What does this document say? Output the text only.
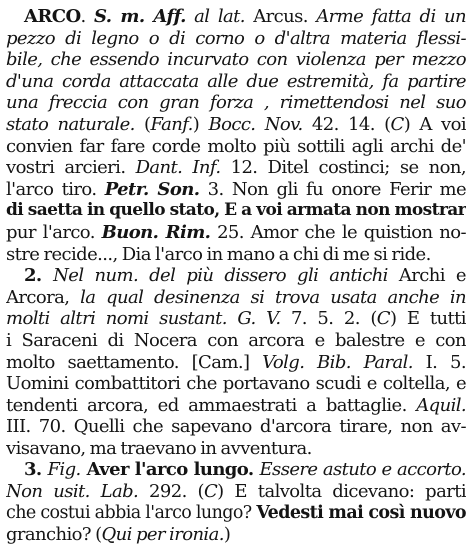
ARCO. S. m. Aff. al lat. Arcus. Arme fatta di un
pezzo di legno o di corno o d'altra materia flessi-
bile, che essendo incurvato con violenza per mezzo
d'una corda attaccata alle due estremità, fa partire
una freccia con gran forza , rimettendosi nel suo
stato naturale. (Fanf.) Bocc. Nov. 42. 14. (C) A voi
convien far fare corde molto più sottili agli archi de'
vostri arcieri. Dant. Inf. 12. Ditel costinci; se non,
l'arco tiro. Petr. Son. 3. Non gli fu onore Ferir me
di saetta in quello stato, E a voi armata non mostrar
pur l'arco. Buon. Rim. 25. Amor che le quistion no-
stre recide..., Dia l'arco in mano a chi di me si ride.
2. Nel num. del più dissero gli antichi Archi e
Arcora, la qual desinenza si trova usata anche in
molti altri nomi sustant. G. V. 7. 5. 2. (C) E tutti
i Saraceni di Nocera con arcora e balestre e con
molto saettamento. [Cam.] Volg. Bib. Paral. I. 5.
Uomini combattitori che portavano scudi e coltella, e
tendenti arcora, ed ammaestrati a battaglie. Aquil.
III. 70. Quelli che sapevano d'arcora tirare, non av-
visavano, ma traevano in avventura.
3. Fig. Aver l'arco lungo. Essere astuto e accorto.
Non usit. Lab. 292. (C) E talvolta dicevano: parti
che costui abbia l'arco lungo? Vedesti mai così nuovo
granchio? (Qui per ironia.)
